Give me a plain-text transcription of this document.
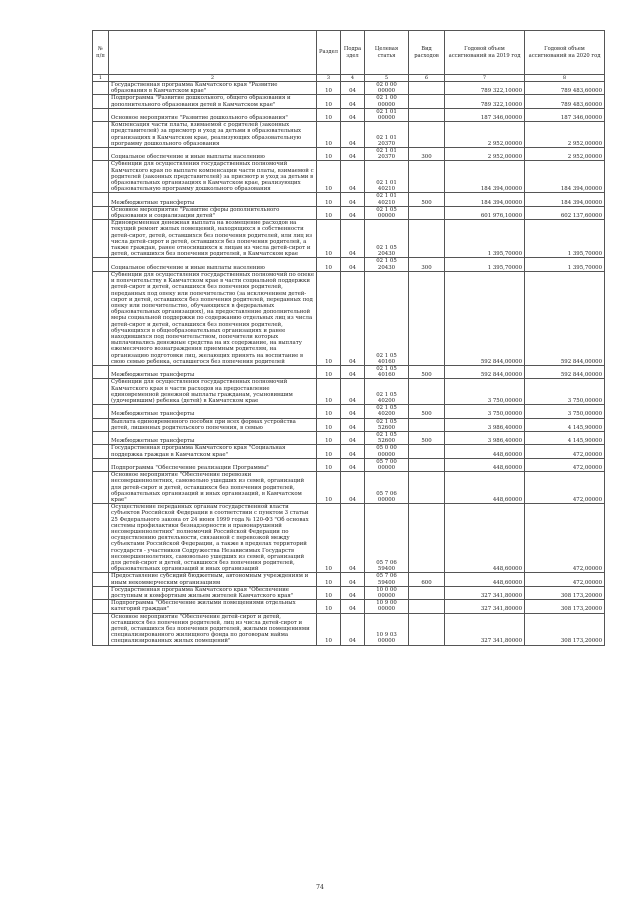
№ п/п		Раздел	Подраздел	Целевая статья	Вид расходов	Годовой объем ассигнований на 2019 год	Годовой объем ассигнований на 2020 год
1	2	3	4	5	6	7	8
	Государственная программа Камчатского края "Развитие образования в Камчатском крае"	10	04	02 0 00 00000		789 322,10000	789 483,60000
	Подпрограмма "Развитие дошкольного, общего образования и дополнительного образования детей в Камчатском крае"	10	04	02 1 00 00000		789 322,10000	789 483,60000
	Основное мероприятие "Развитие дошкольного образования"	10	04	02 1 01 00000		187 346,00000	187 346,00000
	Компенсация части платы, взимаемой с родителей (законных представителей) за присмотр и уход за детьми в образовательных организациях в Камчатском крае, реализующих образовательную программу дошкольного образования	10	04	02 1 01 20370		2 952,00000	2 952,00000
	Социальное обеспечение и иные выплаты населению	10	04	02 1 01 20370	300	2 952,00000	2 952,00000
	Субвенции для осуществления государственных полномочий Камчатского края по выплате компенсации части платы, взимаемой с родителей (законных представителей) за присмотр и уход за детьми в образовательных организациях в Камчатском крае, реализующих образовательную программу дошкольного образования	10	04	02 1 01 40210		184 394,00000	184 394,00000
	Межбюджетные трансферты	10	04	02 1 01 40210	500	184 394,00000	184 394,00000
	Основное мероприятие "Развитие сферы дополнительного образования и социализации детей"	10	04	02 1 05 00000		601 976,10000	602 137,60000
	Единовременная денежная выплата на возмещение расходов на текущий ремонт жилых помещений, находящихся в собственности детей-сирот, детей, оставшихся без попечения родителей, или лиц из числа детей-сирот и детей, оставшихся без попечения родителей, а также граждан, ранее относившихся к лицам из числа детей-сирот и детей, оставшихся без попечения родителей, в Камчатском крае	10	04	02 1 05 20430		1 395,70000	1 395,70000
	Социальное обеспечение и иные выплаты населению	10	04	02 1 05 20430	300	1 395,70000	1 395,70000
	Субвенции для осуществления государственных полномочий по опеке и попечительству в Камчатском крае в части социальной поддержки детей-сирот и детей, оставшихся без попечения родителей, переданных под опеку или попечительство (за исключением детей-сирот и детей, оставшихся без попечения родителей, переданных под опеку или попечительство, обучающихся в федеральных образовательных организациях), на предоставление дополнительной меры социальной поддержки по содержанию отдельных лиц из числа детей-сирот и детей, оставшихся без попечения родителей, обучающихся в общеобразовательных организациях и ранее находившихся под попечительством, попечители которых выплачивались денежные средства на их содержание, на выплату ежемесячного вознаграждения приемным родителям, на организацию подготовки лиц, желающих принять на воспитание в свою семью ребенка, оставшегося без попечения родителей	10	04	02 1 05 40160		592 844,00000	592 844,00000
	Межбюджетные трансферты	10	04	02 1 05 40160	500	592 844,00000	592 844,00000
	Субвенции для осуществления государственных полномочий Камчатского края в части расходов на предоставление единовременной денежной выплаты гражданам, усыновившим (удочерившим) ребенка (детей) в Камчатском крае	10	04	02 1 05 40200		3 750,00000	3 750,00000
	Межбюджетные трансферты	10	04	02 1 05 40200	500	3 750,00000	3 750,00000
	Выплата единовременного пособия при всех формах устройства детей, лишенных родительского попечения, в семью	10	04	02 1 05 52600		3 986,40000	4 145,90000
	Межбюджетные трансферты	10	04	02 1 05 52600	500	3 986,40000	4 145,90000
	Государственная программа Камчатского края "Социальная поддержка граждан в Камчатском крае"	10	04	05 0 00 00000		448,60000	472,00000
	Подпрограмма "Обеспечение реализации Программы"	10	04	05 7 00 00000		448,60000	472,00000
	Основное мероприятие "Обеспечение перевозки несовершеннолетних, самовольно ушедших из семей, организаций для детей-сирот и детей, оставшихся без попечения родителей, образовательных организаций и иных организаций, в Камчатском крае"	10	04	05 7 06 00000		448,60000	472,00000
	Осуществление переданных органам государственной власти субъектов Российской Федерации в соответствии с пунктом 3 статьи 25 Федерального закона от 24 июня 1999 года № 120-ФЗ "Об основах системы профилактики безнадзорности и правонарушений несовершеннолетних" полномочий Российской Федерации по осуществлению деятельности, связанной с перевозкой между субъектами Российской Федерации, а также в пределах территорий государств - участников Содружества Независимых Государств несовершеннолетних, самовольно ушедших из семей, организаций для детей-сирот и детей, оставшихся без попечения родителей, образовательных организаций и иных организаций	10	04	05 7 06 59400		448,60000	472,00000
	Предоставление субсидий бюджетным, автономным учреждениям и иным некоммерческим организациям	10	04	05 7 06 59400	600	448,60000	472,00000
	Государственная программа Камчатского края "Обеспечение доступным и комфортным жильем жителей Камчатского края"	10	04	10 0 00 00000		327 341,80000	308 173,20000
	Подпрограмма "Обеспечение жилыми помещениями отдельных категорий граждан"	10	04	10 9 00 00000		327 341,80000	308 173,20000
	Основное мероприятие "Обеспечение детей-сирот и детей, оставшихся без попечения родителей, лиц из числа детей-сирот и детей, оставшихся без попечения родителей, жилыми помещениями специализированного жилищного фонда по договорам найма специализированных жилых помещений"	10	04	10 9 03 00000		327 341,80000	308 173,20000
74
